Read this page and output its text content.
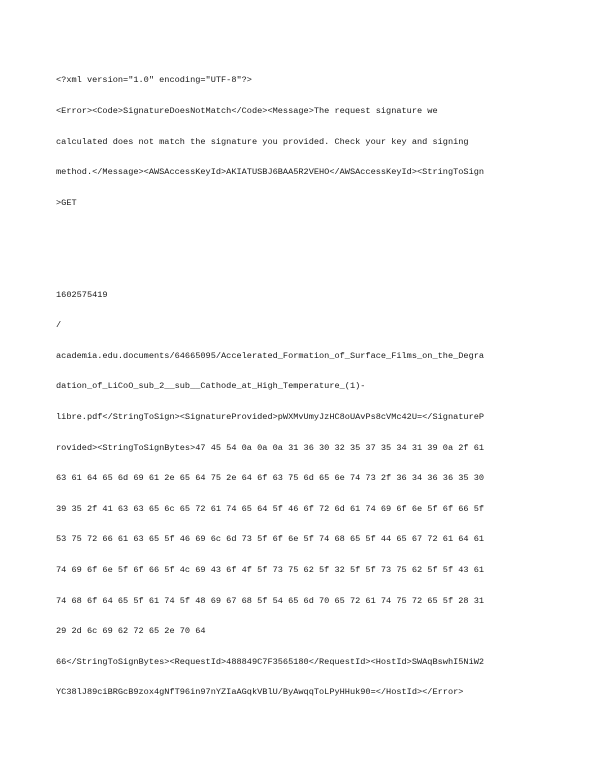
<?xml version="1.0" encoding="UTF-8"?>

<Error><Code>SignatureDoesNotMatch</Code><Message>The request signature we

calculated does not match the signature you provided. Check your key and signing

method.</Message><AWSAccessKeyId>AKIATUSBJ6BAA5R2VEHO</AWSAccessKeyId><StringToSign

>GET

1602575419

/

academia.edu.documents/64665095/Accelerated_Formation_of_Surface_Films_on_the_Degra

dation_of_LiCoO_sub_2__sub__Cathode_at_High_Temperature_(1)-

libre.pdf</StringToSign><SignatureProvided>pWXMvUmyJzHC8oUAvPs8cVMc42U=</SignatureP

rovided><StringToSignBytes>47 45 54 0a 0a 0a 31 36 30 32 35 37 35 34 31 39 0a 2f 61

63 61 64 65 6d 69 61 2e 65 64 75 2e 64 6f 63 75 6d 65 6e 74 73 2f 36 34 36 36 35 30

39 35 2f 41 63 63 65 6c 65 72 61 74 65 64 5f 46 6f 72 6d 61 74 69 6f 6e 5f 6f 66 5f

53 75 72 66 61 63 65 5f 46 69 6c 6d 73 5f 6f 6e 5f 74 68 65 5f 44 65 67 72 61 64 61

74 69 6f 6e 5f 6f 66 5f 4c 69 43 6f 4f 5f 73 75 62 5f 32 5f 5f 73 75 62 5f 5f 43 61

74 68 6f 64 65 5f 61 74 5f 48 69 67 68 5f 54 65 6d 70 65 72 61 74 75 72 65 5f 28 31

29 2d 6c 69 62 72 65 2e 70 64

66</StringToSignBytes><RequestId>488849C7F3565180</RequestId><HostId>SWAqBswhI5NiW2

YC38lJ89ciBRGcB9zox4gNfT96in97nYZIaAGqkVBlU/ByAwqqToLPyHHuk90=</HostId></Error>
